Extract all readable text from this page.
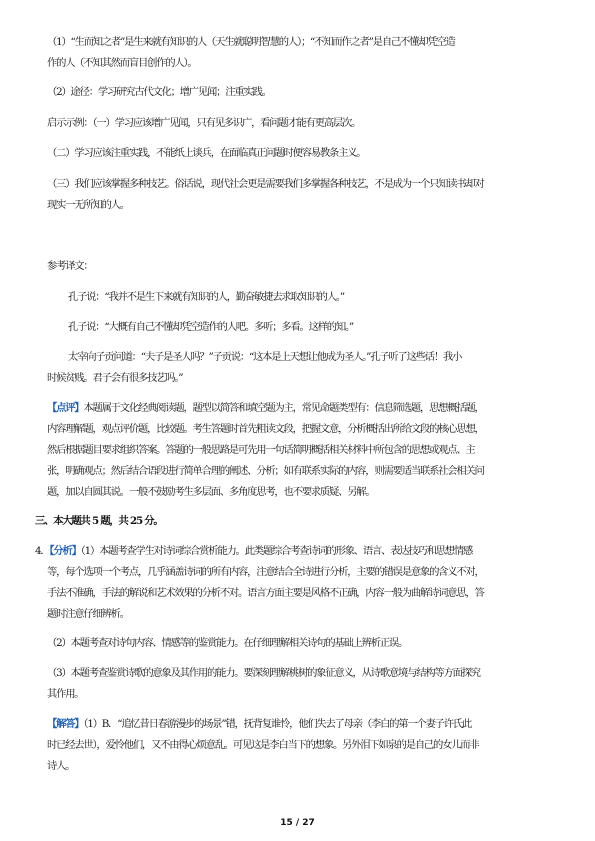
（1）“生而知之者”是生来就有知识的人（天生就聪明智慧的人）；“不知而作之者”是自己不懂却凭空造
作的人（不知其然而盲目创作的人）。
（2）途径：学习研究古代文化；增广见闻；注重实践。
启示示例：（一）学习应该增广见闻，只有见多识广，看问题才能有更高层次。
（二）学习应该注重实践，不能纸上谈兵，在面临真正问题时便容易教条主义。
（三）我们应该掌握多种技艺。俗话说，现代社会更是需要我们多掌握各种技艺，不是成为一个只知读书却对
现实一无所知的人。
参考译文：
孔子说：“我并不是生下来就有知识的人，勤奋敏捷去求取知识的人。”
孔子说：“大概有自己不懂却凭空造作的人吧。多听；多看。这样的知。”
太宰向子贡问道：“夫子是圣人吗？”子贡说：“这本是上天想让他成为圣人。”孔子听了这些话！我小
时候贫贱。君子会有很多技艺吗。”
【点评】本题属于文化经典阅读题，题型以简答和填空题为主，常见命题类型有：信息筛选题，思想概括题，
内容理解题，观点评价题，比较题。考生答题时首先粗读文段，把握文意，分析概括出所给文段的核心思想，
然后根据题目要求组织答案。答题的一般思路是可先用一句话简明概括相关材料中所包含的思想或观点、主
张，明确观点；然后结合语段进行简单合理的阐述、分析；如有联系实际的内容，则需要适当联系社会相关问
题，加以自圆其说。一般不鼓励考生多层面、多角度思考，也不要求质疑、另解。
三、本大题共 5 题，共 25 分。
4．【分析】（1）本题考查学生对诗词综合赏析能力。此类题综合考查诗词的形象、语言、表达技巧和思想情感
等，每个选项一个考点，几乎涵盖诗词的所有内容，注意结合全诗进行分析，主要的错误是意象的含义不对，
手法不准确，手法的解说和艺术效果的分析不对。语言方面主要是风格不正确，内容一般为曲解诗词意思，答
题时注意仔细辨析。
（2）本题考查对诗句内容、情感等的鉴赏能力。在仔细理解相关诗句的基础上辨析正误。
（3）本题考查鉴赏诗歌的意象及其作用的能力。要深刻理解桃树的象征意义，从诗歌意境与结构等方面探究
其作用。
【解答】（1）B．“追忆昔日春游漫步的场景”错，抚背复谁怜，他们失去了母亲（李白的第一个妻子许氏此
时已经去世），爱怜他们，又不由得心烦意乱。可见这是李白当下的想象。另外泪下如泉的是自己的女儿而非
诗人。
15 / 27
